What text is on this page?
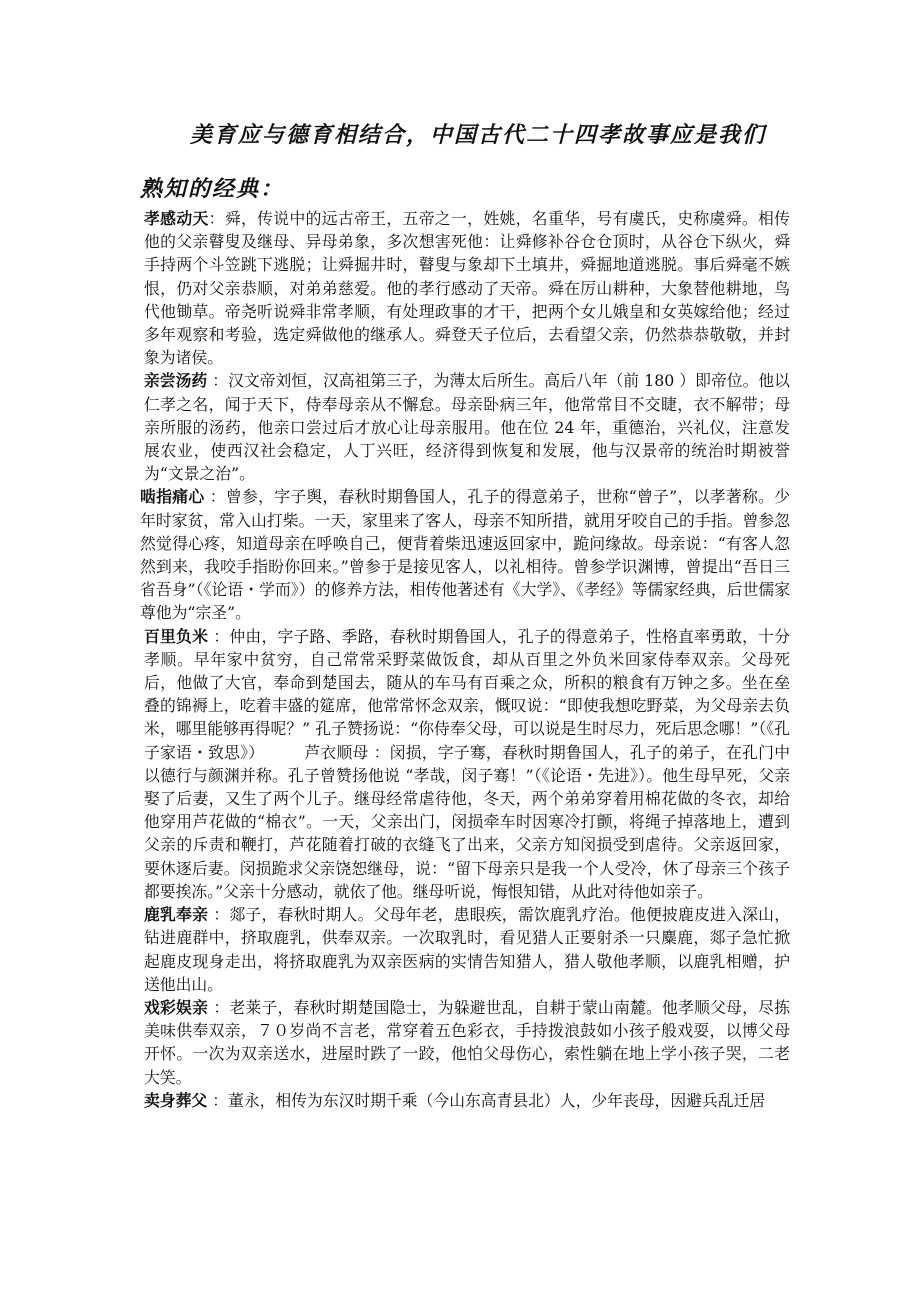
美育应与德育相结合，中国古代二十四孝故事应是我们
熟知的经典：

孝感动天：舜，传说中的远古帝王，五帝之一，姓姚，名重华，号有虞氏，史称虞舜。相传他的父亲瞽叟及继母、异母弟象，多次想害死他：让舜修补谷仓仓顶时，从谷仓下纵火，舜手持两个斗笠跳下逃脱；让舜掘井时，瞽叟与象却下土填井，舜掘地道逃脱。事后舜毫不嫉恨，仍对父亲恭顺，对弟弟慈爱。他的孝行感动了天帝。舜在厉山耕种，大象替他耕地，鸟代他锄草。帝尧听说舜非常孝顺，有处理政事的才干，把两个女儿娥皇和女英嫁给他；经过多年观察和考验，选定舜做他的继承人。舜登天子位后，去看望父亲，仍然恭恭敬敬，并封象为诸侯。

亲尝汤药 ：汉文帝刘恒，汉高祖第三子，为薄太后所生。高后八年（前 180 ）即帝位。他以仁孝之名，闻于天下，侍奉母亲从不懈怠。母亲卧病三年，他常常目不交睫，衣不解带；母亲所服的汤药，他亲口尝过后才放心让母亲服用。他在位 24 年，重德治，兴礼仪，注意发展农业，使西汉社会稳定，人丁兴旺，经济得到恢复和发展，他与汉景帝的统治时期被誉为“文景之治”。

啮指痛心 ：曾参，字子舆，春秋时期鲁国人，孔子的得意弟子，世称“曾子”，以孝著称。少年时家贫，常入山打柴。一天，家里来了客人，母亲不知所措，就用牙咬自己的手指。曾参忽然觉得心疼，知道母亲在呼唤自己，便背着柴迅速返回家中，跪问缘故。母亲说：“有客人忽然到来，我咬手指盼你回来。”曾参于是接见客人，以礼相待。曾参学识渊博，曾提出“吾日三省吾身”（《论语・学而》）的修养方法，相传他著述有《大学》、《孝经》等儒家经典，后世儒家尊他为“宗圣”。

百里负米 ：仲由，字子路、季路，春秋时期鲁国人，孔子的得意弟子，性格直率勇敢，十分孝顺。早年家中贫穷，自己常常采野菜做饭食，却从百里之外负米回家侍奉双亲。父母死后，他做了大官，奉命到楚国去，随从的车马有百乘之众，所积的粮食有万钟之多。坐在垒叠的锦褥上，吃着丰盛的筵席，他常常怀念双亲，慨叹说：“即使我想吃野菜，为父母亲去负米，哪里能够再得呢？” 孔子赞扬说：“你侍奉父母，可以说是生时尽力，死后思念哪！”（《孔子家语・致思》）　　　芦衣顺母 ：闵损，字子骞，春秋时期鲁国人，孔子的弟子，在孔门中以德行与颜渊并称。孔子曾赞扬他说 “孝哉，闵子骞！”（《论语・先进》）。他生母早死，父亲娶了后妻，又生了两个儿子。继母经常虐待他，冬天，两个弟弟穿着用棉花做的冬衣，却给他穿用芦花做的“棉衣”。一天，父亲出门，闵损牵车时因寒冷打颤，将绳子掉落地上，遭到父亲的斥责和鞭打，芦花随着打破的衣缝飞了出来，父亲方知闵损受到虐待。父亲返回家，要休逐后妻。闵损跪求父亲饶恕继母，说：“留下母亲只是我一个人受冷，休了母亲三个孩子都要挨冻。”父亲十分感动，就依了他。继母听说，悔恨知错，从此对待他如亲子。

鹿乳奉亲 ：郯子，春秋时期人。父母年老，患眼疾，需饮鹿乳疗治。他便披鹿皮进入深山，钻进鹿群中，挤取鹿乳，供奉双亲。一次取乳时，看见猎人正要射杀一只麋鹿，郯子急忙掀起鹿皮现身走出，将挤取鹿乳为双亲医病的实情告知猎人，猎人敬他孝顺，以鹿乳相赠，护送他出山。

戏彩娱亲 ：老莱子，春秋时期楚国隐士，为躲避世乱，自耕于蒙山南麓。他孝顺父母，尽拣美味供奉双亲，７０岁尚不言老，常穿着五色彩衣，手持拨浪鼓如小孩子般戏耍，以博父母开怀。一次为双亲送水，进屋时跌了一跤，他怕父母伤心，索性躺在地上学小孩子哭，二老大笑。

卖身葬父 ：董永，相传为东汉时期千乘（今山东高青县北）人，少年丧母，因避兵乱迁居
